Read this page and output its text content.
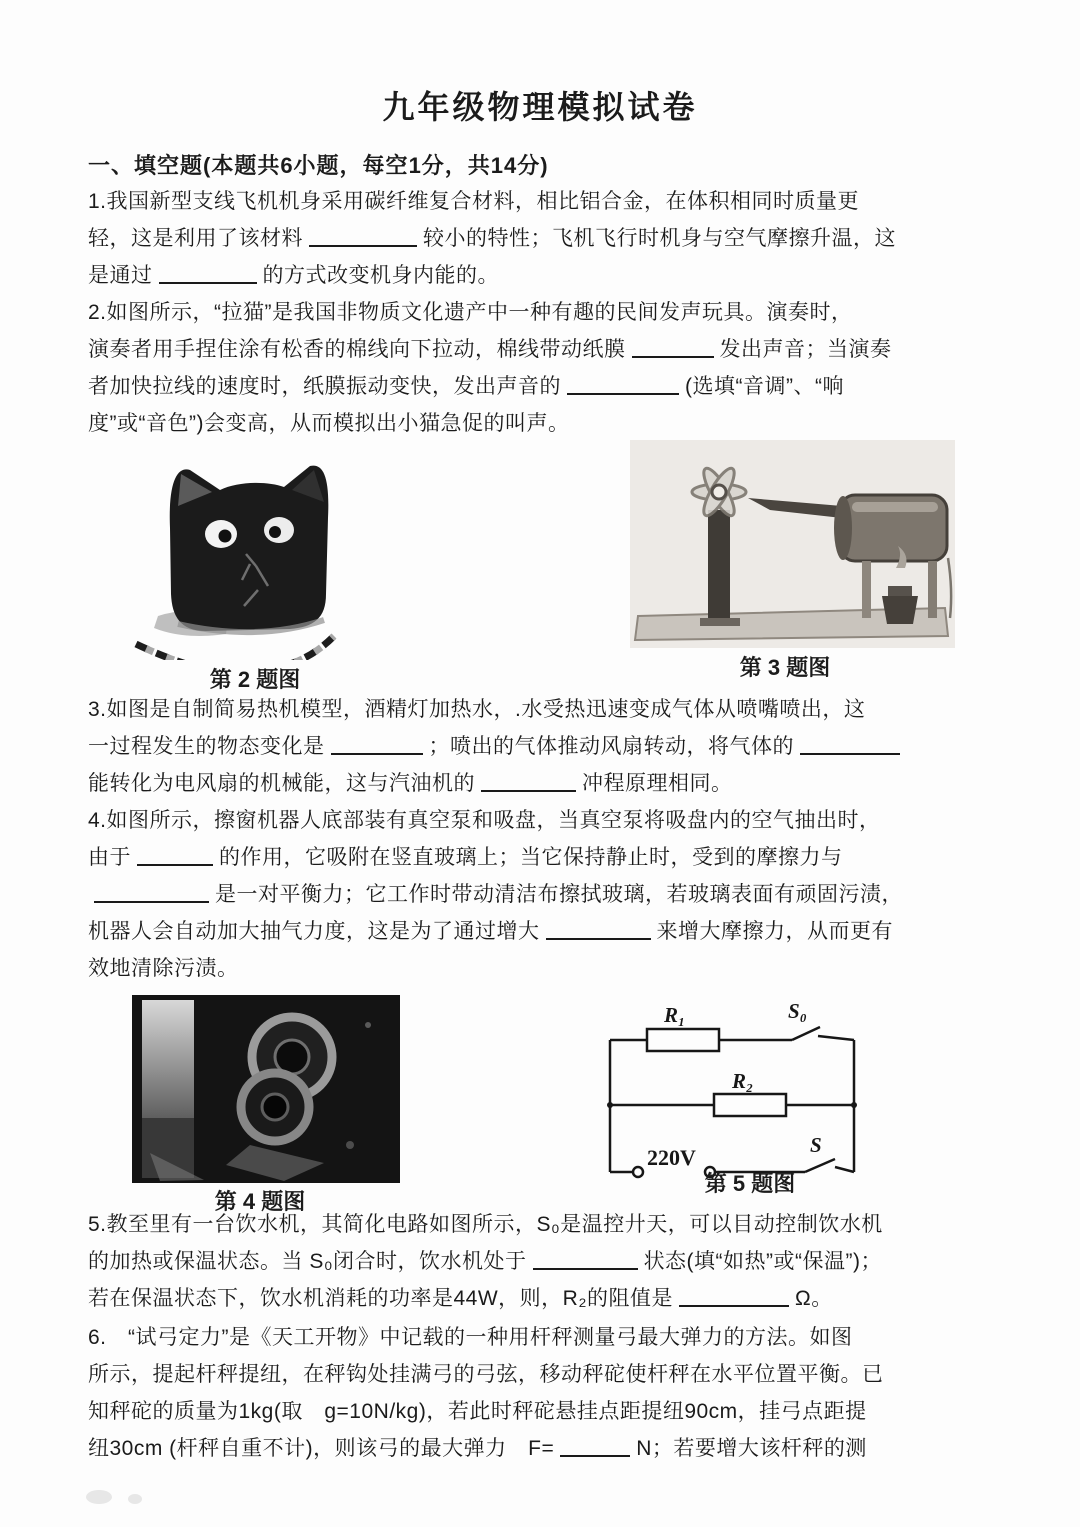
九年级物理模拟试卷
一、填空题(本题共6小题，每空1分，共14分)
1.我国新型支线飞机机身采用碳纤维复合材料，相比铝合金，在体积相同时质量更
轻，这是利用了该材料	较小的特性；飞机飞行时机身与空气摩擦升温，这
是通过	的方式改变机身内能的。
2.如图所示，“拉猫”是我国非物质文化遗产中一种有趣的民间发声玩具。演奏时，
演奏者用手捏住涂有松香的棉线向下拉动，棉线带动纸膜	发出声音；当演奏
者加快拉线的速度时，纸膜振动变快，发出声音的	(选填“音调”、“响
度”或“音色”)会变高，从而模拟出小猫急促的叫声。
3.如图是自制简易热机模型，酒精灯加热水，.水受热迅速变成气体从喷嘴喷出，这
一过程发生的物态变化是	；喷出的气体推动风扇转动，将气体的
能转化为电风扇的机械能，这与汽油机的	冲程原理相同。
4.如图所示，擦窗机器人底部装有真空泵和吸盘，当真空泵将吸盘内的空气抽出时，
由于	的作用，它吸附在竖直玻璃上；当它保持静止时，受到的摩擦力与
是一对平衡力；它工作时带动清洁布擦拭玻璃，若玻璃表面有顽固污渍，
机器人会自动加大抽气力度，这是为了通过增大	来增大摩擦力，从而更有
效地清除污渍。
5.教至里有一台饮水机，其简化电路如图所示，S₀是温控廾天，可以目动控制饮水机
的加热或保温状态。当 S₀闭合时，饮水机处于	状态(填“如热”或“保温”)；
若在保温状态下，饮水机消耗的功率是44W，则，R₂的阻值是	Ω。
6.　“试弓定力”是《天工开物》中记载的一种用杆秤测量弓最大弹力的方法。如图
所示，提起杆秤提纽，在秤钩处挂满弓的弓弦，移动秤砣使杆秤在水平位置平衡。已
知秤砣的质量为1kg(取　g=10N/kg)，若此时秤砣悬挂点距提纽90cm，挂弓点距提
纽30cm (杆秤自重不计)，则该弓的最大弹力　F=	N；若要增大该杆秤的测
第 2 题图	第 3 题图
第 4 题图
R₁	S₀
R₂
220V	S
第 5 题图
